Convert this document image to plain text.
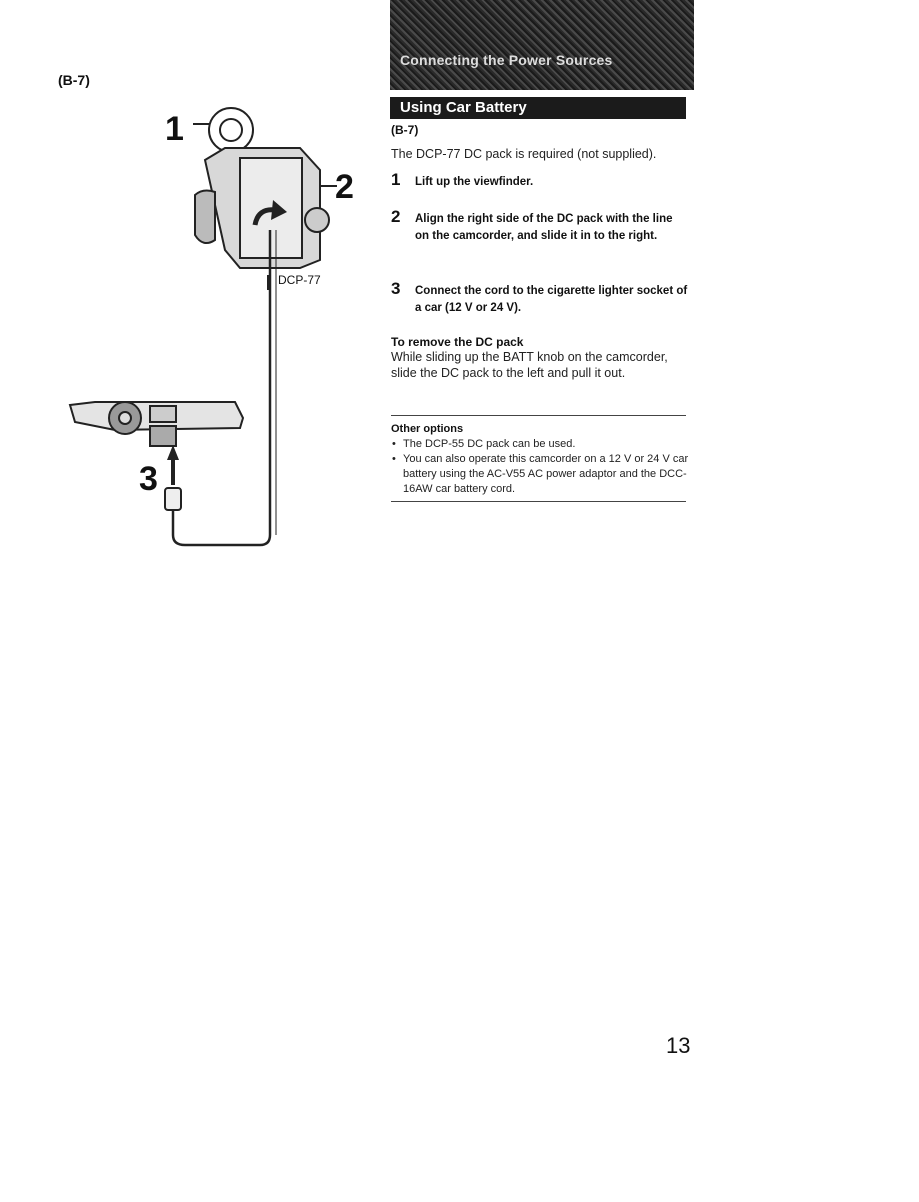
(B-7)
Connecting the Power Sources
Using Car Battery
(B-7)
The DCP-77 DC pack is required (not supplied).
1 Lift up the viewfinder.
2 Align the right side of the DC pack with the line on the camcorder, and slide it in to the right.
3 Connect the cord to the cigarette lighter socket of a car (12 V or 24 V).
To remove the DC pack
While sliding up the BATT knob on the camcorder, slide the DC pack to the left and pull it out.
Other options
• The DCP-55 DC pack can be used.
• You can also operate this camcorder on a 12 V or 24 V car battery using the AC-V55 AC power adaptor and the DCC-16AW car battery cord.
1
2
3
DCP-77
13
